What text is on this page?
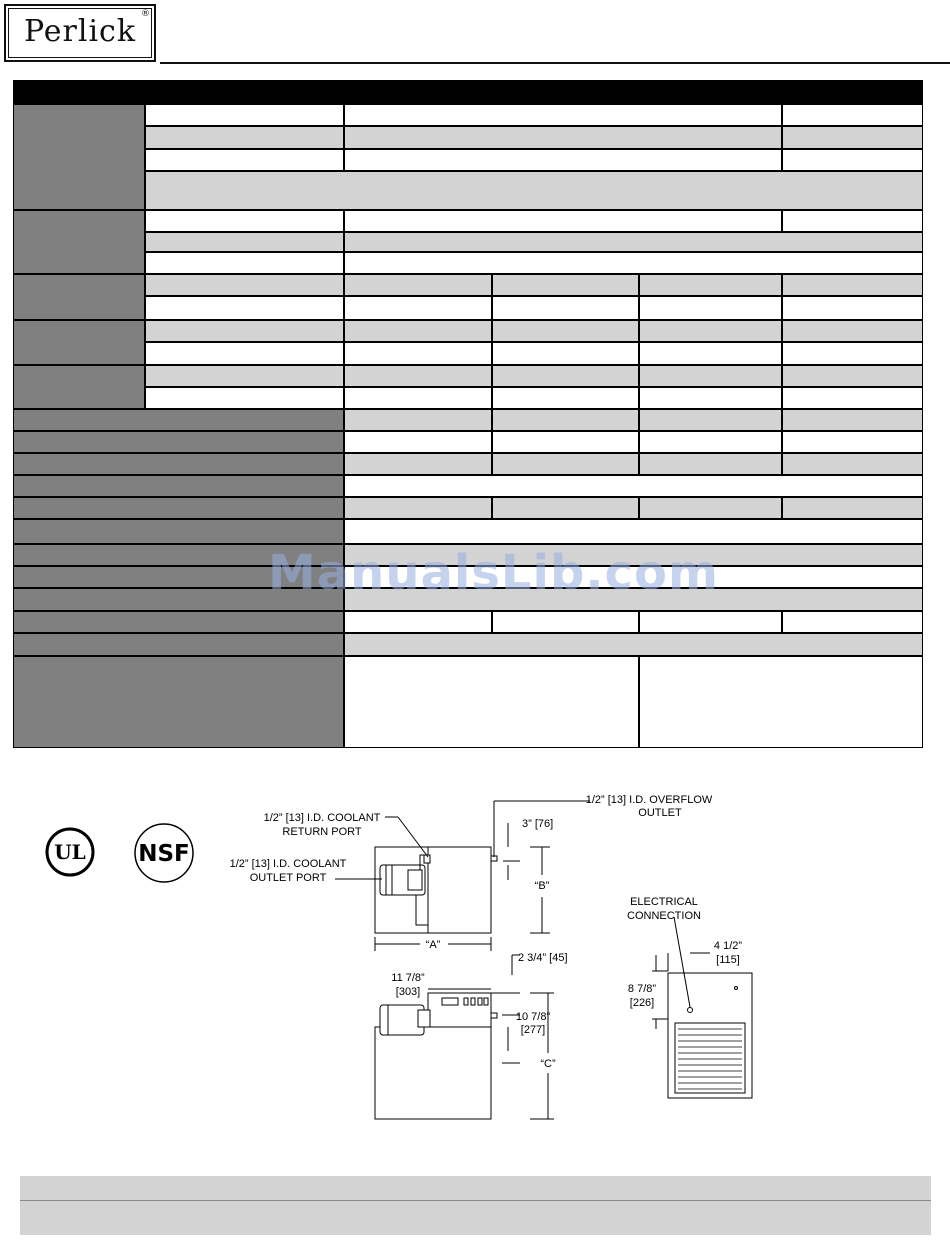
Perlick ®
ManualsLib.com
UL NSF
“A”
“B”
3” [76]
1/2” [13] I.D. OVERFLOW
OUTLET
1/2” [13] I.D. COOLANT
RETURN PORT
1/2” [13] I.D. COOLANT
OUTLET PORT
11 7/8”
[303]
2 3/4” [45]
10 7/8”
[277]
“C”
ELECTRICAL
CONNECTION
4 1/2”
[115]
8 7/8”
[226]
